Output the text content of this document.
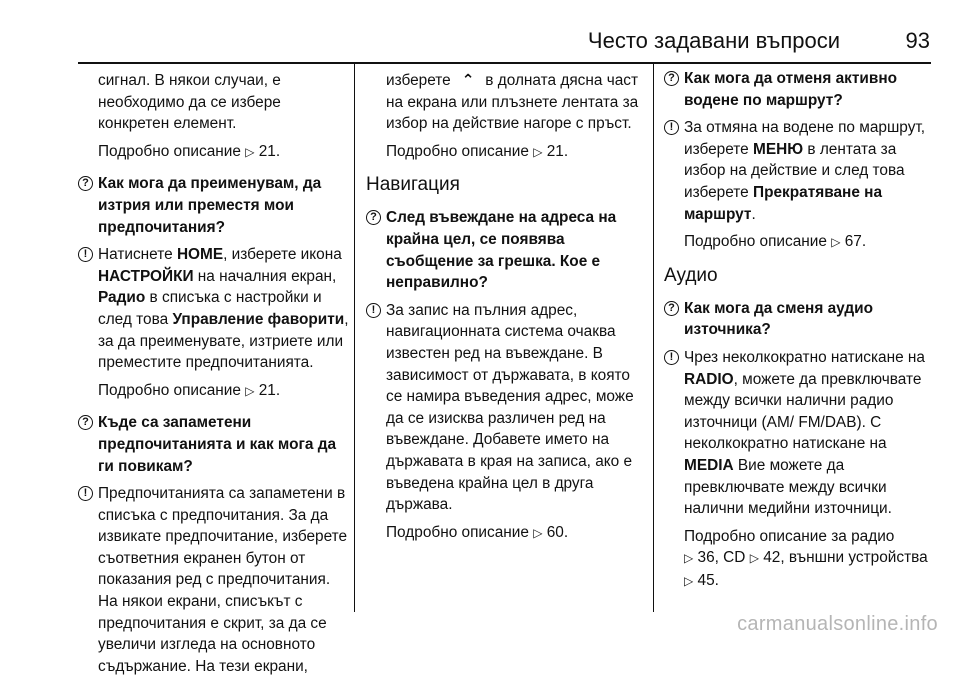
Често задавани въпроси	93

сигнал. В някои случаи, е необходимо да се избере конкретен елемент.

Подробно описание ▷ 21.

? Как мога да преименувам, да изтрия или преместя мои предпочитания?
! Натиснете HOME, изберете икона НАСТРОЙКИ на началния екран, Радио в списъка с настройки и след това Управление фаворити, за да преименувате, изтриете или преместите предпочитанията.

Подробно описание ▷ 21.

? Къде са запаметени предпочитанията и как мога да ги повикам?
! Предпочитанията са запаметени в списъка с предпочитания. За да извикате предпочитание, изберете съответния екранен бутон от показания ред с предпочитания. На някои екрани, списъкът с предпочитания е скрит, за да се увеличи изгледа на основното съдържание. На тези екрани,

изберете ⌃ в долната дясна част на екрана или плъзнете лентата за избор на действие нагоре с пръст.

Подробно описание ▷ 21.

Навигация
? След въвеждане на адреса на крайна цел, се появява съобщение за грешка. Кое е неправилно?
! За запис на пълния адрес, навигационната система очаква известен ред на въвеждане. В зависимост от държавата, в която се намира въведения адрес, може да се изисква различен ред на въвеждане. Добавете името на държавата в края на записа, ако е въведена крайна цел в друга държава.

Подробно описание ▷ 60.

? Как мога да отменя активно водене по маршрут?
! За отмяна на водене по маршрут, изберете МЕНЮ в лентата за избор на действие и след това изберете Прекратяване на маршрут.

Подробно описание ▷ 67.

Аудио
? Как мога да сменя аудио източника?
! Чрез неколкократно натискане на RADIO, можете да превключвате между всички налични радио източници (AM/ FM/DAB). С неколкократно натискане на MEDIA Вие можете да превключвате между всички налични медийни източници.

Подробно описание за радио
▷ 36, CD ▷ 42, външни устройства ▷ 45.

carmanualsonline.info
